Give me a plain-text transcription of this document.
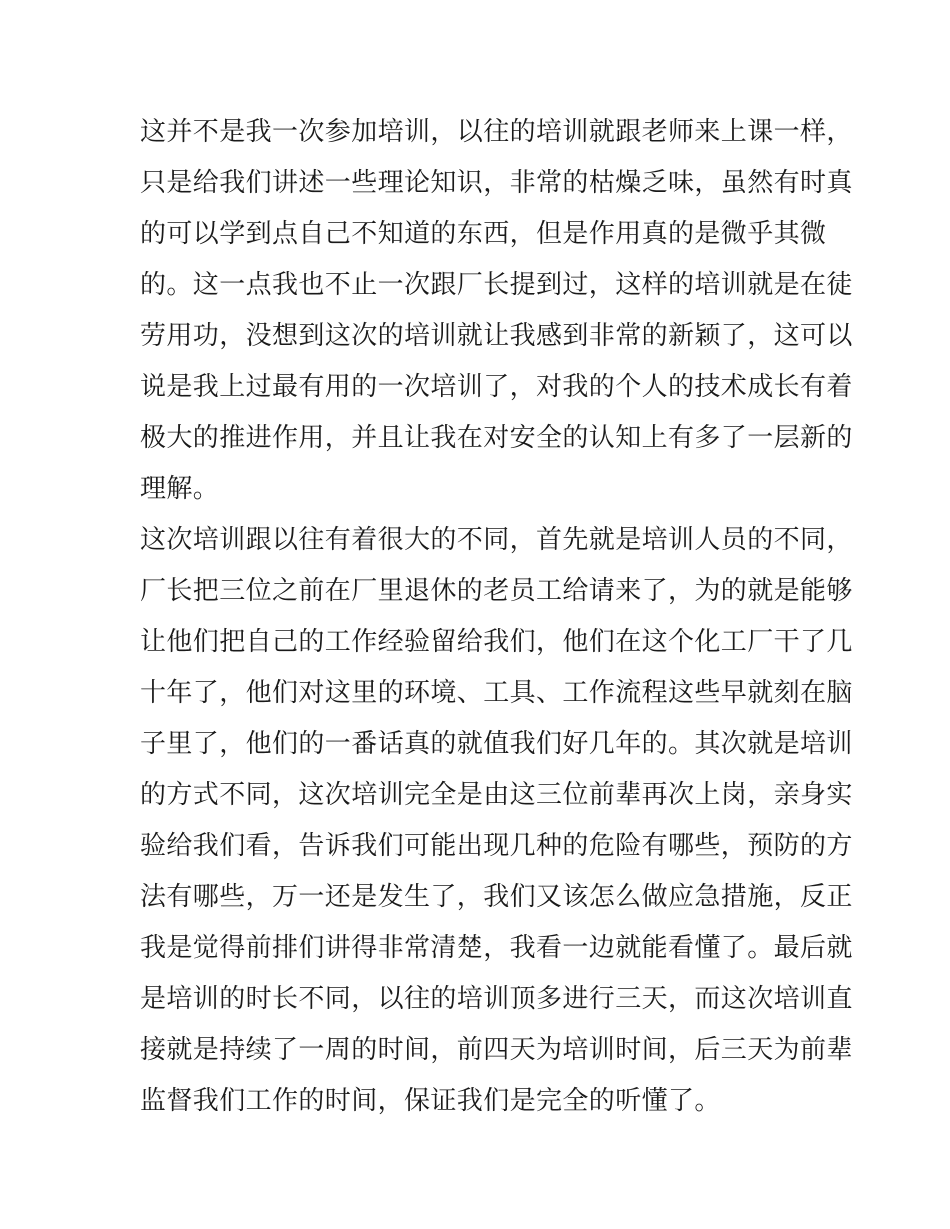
这并不是我一次参加培训，以往的培训就跟老师来上课一样，
只是给我们讲述一些理论知识，非常的枯燥乏味，虽然有时真
的可以学到点自己不知道的东西，但是作用真的是微乎其微
的。这一点我也不止一次跟厂长提到过，这样的培训就是在徒
劳用功，没想到这次的培训就让我感到非常的新颖了，这可以
说是我上过最有用的一次培训了，对我的个人的技术成长有着
极大的推进作用，并且让我在对安全的认知上有多了一层新的
理解。
这次培训跟以往有着很大的不同，首先就是培训人员的不同，
厂长把三位之前在厂里退休的老员工给请来了，为的就是能够
让他们把自己的工作经验留给我们，他们在这个化工厂干了几
十年了，他们对这里的环境、工具、工作流程这些早就刻在脑
子里了，他们的一番话真的就值我们好几年的。其次就是培训
的方式不同，这次培训完全是由这三位前辈再次上岗，亲身实
验给我们看，告诉我们可能出现几种的危险有哪些，预防的方
法有哪些，万一还是发生了，我们又该怎么做应急措施，反正
我是觉得前排们讲得非常清楚，我看一边就能看懂了。最后就
是培训的时长不同，以往的培训顶多进行三天，而这次培训直
接就是持续了一周的时间，前四天为培训时间，后三天为前辈
监督我们工作的时间，保证我们是完全的听懂了。
